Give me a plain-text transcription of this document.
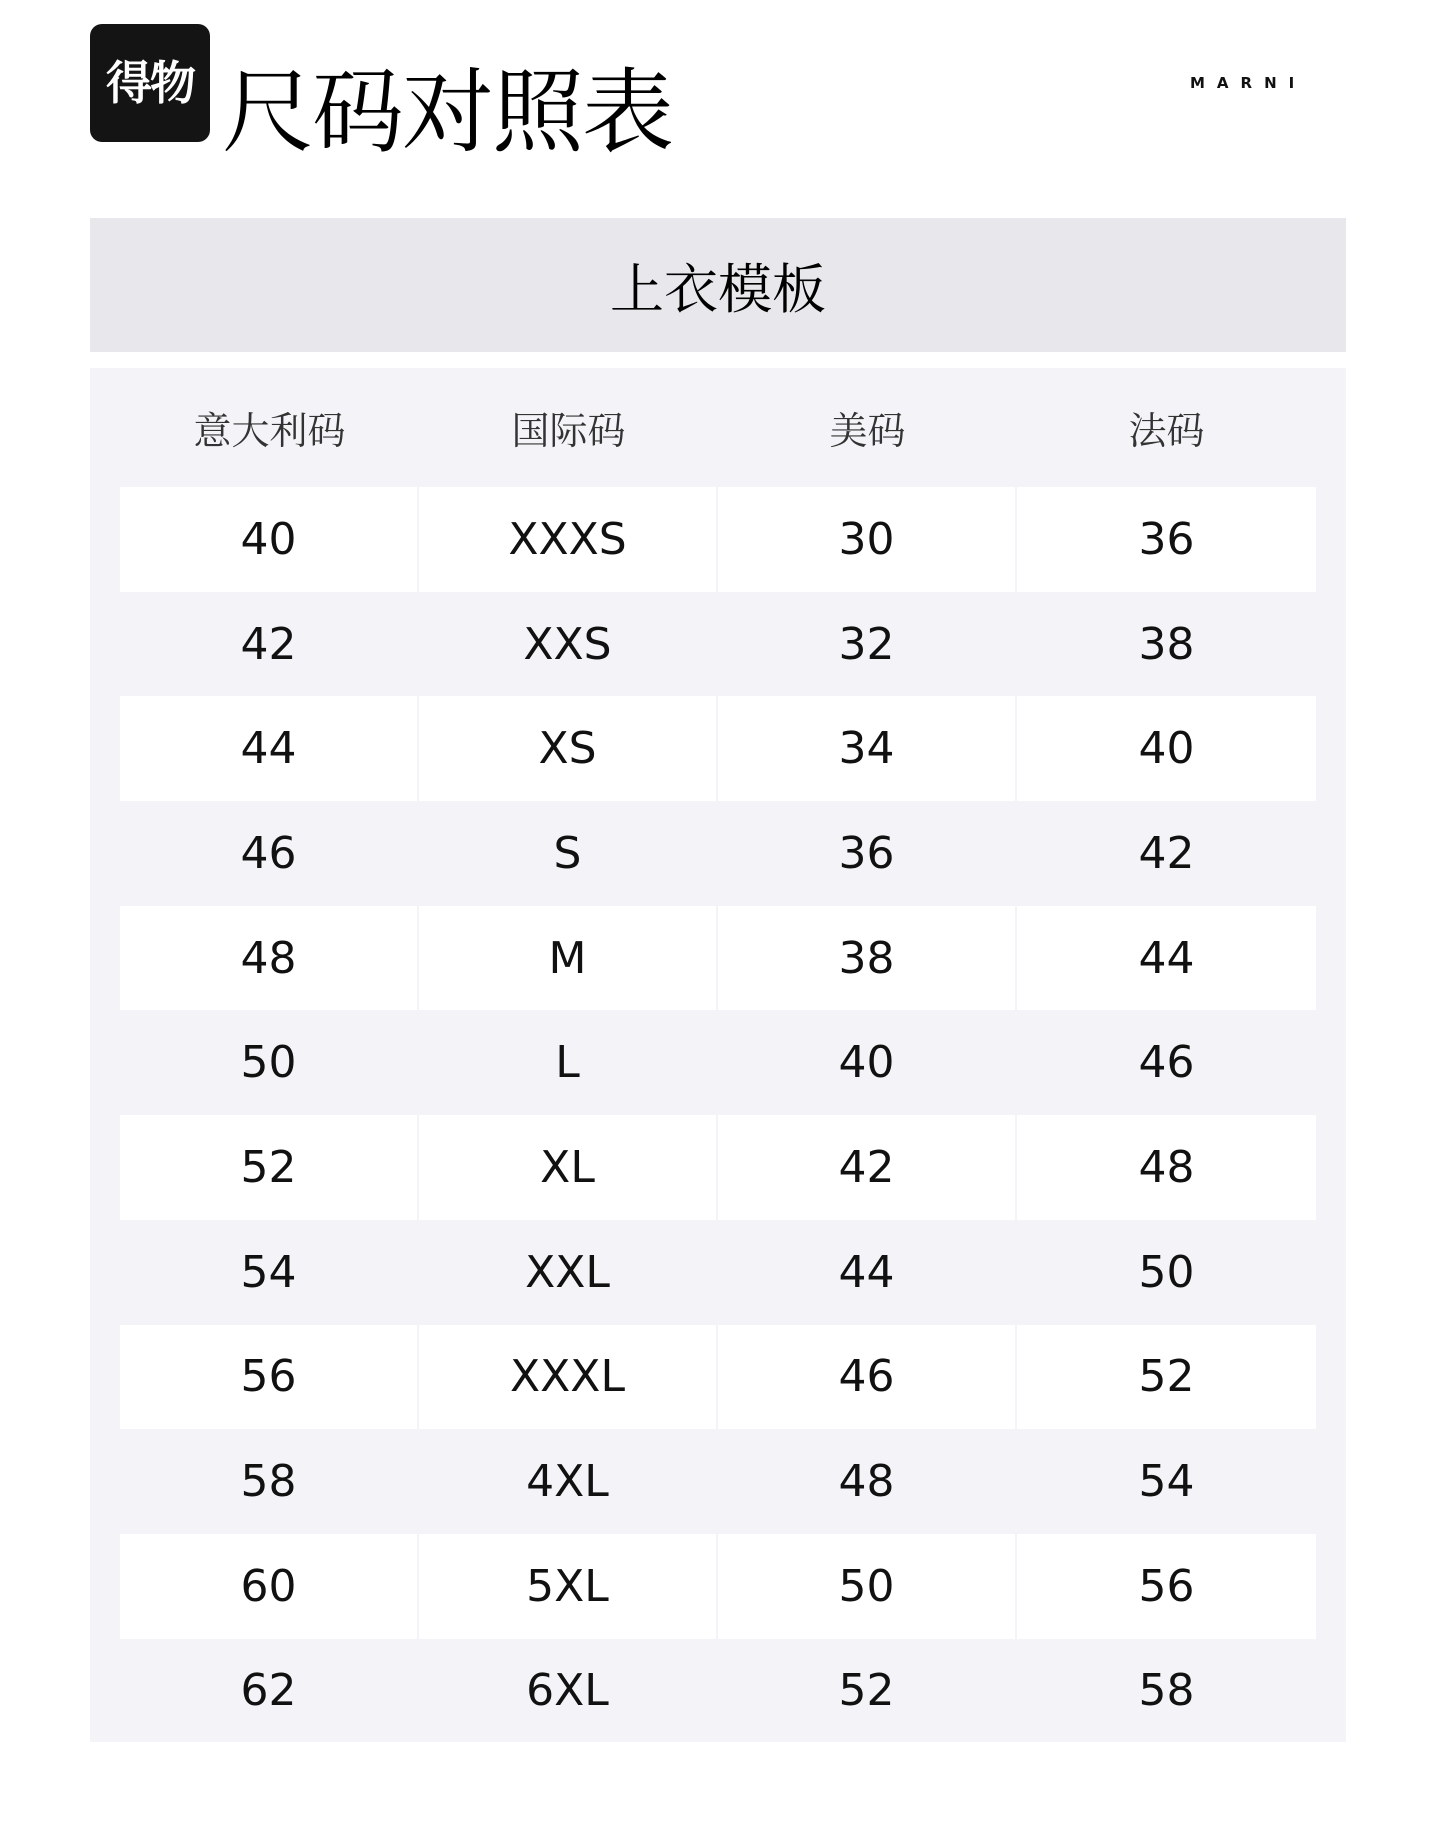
得物 尺码对照表	MARNI
上衣模板
意大利码	国际码	美码	法码
40	XXXS	30	36
42	XXS	32	38
44	XS	34	40
46	S	36	42
48	M	38	44
50	L	40	46
52	XL	42	48
54	XXL	44	50
56	XXXL	46	52
58	4XL	48	54
60	5XL	50	56
62	6XL	52	58
